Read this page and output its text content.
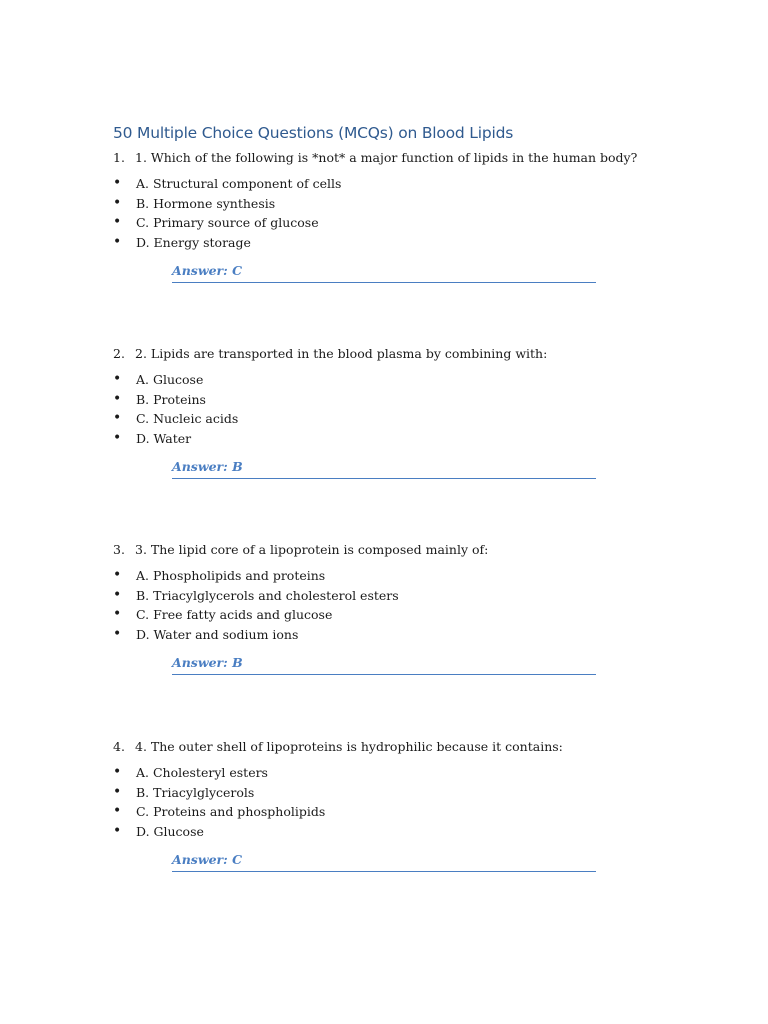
50 Multiple Choice Questions (MCQs) on Blood Lipids
1. 1. Which of the following is *not* a major function of lipids in the human body?
• A. Structural component of cells
• B. Hormone synthesis
• C. Primary source of glucose
• D. Energy storage
Answer: C
2. 2. Lipids are transported in the blood plasma by combining with:
• A. Glucose
• B. Proteins
• C. Nucleic acids
• D. Water
Answer: B
3. 3. The lipid core of a lipoprotein is composed mainly of:
• A. Phospholipids and proteins
• B. Triacylglycerols and cholesterol esters
• C. Free fatty acids and glucose
• D. Water and sodium ions
Answer: B
4. 4. The outer shell of lipoproteins is hydrophilic because it contains:
• A. Cholesteryl esters
• B. Triacylglycerols
• C. Proteins and phospholipids
• D. Glucose
Answer: C
